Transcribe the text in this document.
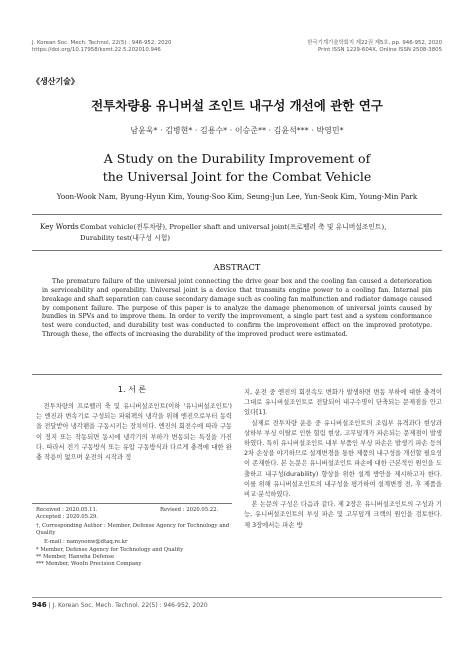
J. Korean Soc. Mech. Technol, 22(5) : 946-952, 2020
https://doi.org/10.17958/ksmt.22.5.202010.946
한국기계기술학회지 제22권 제5호, pp. 946-952, 2020
Print ISSN 1229-604X, Online ISSN 2508-3805
《생산기술》
전투차량용 유니버설 조인트 내구성 개선에 관한 연구
남윤욱* · 김병현* · 김용수* · 이승준** · 김윤석*** · 박영민*
A Study on the Durability Improvement of
the Universal Joint for the Combat Vehicle
Yoon-Wook Nam, Byung-Hyun Kim, Young-Soo Kim, Seung-Jun Lee, Yun-Seok Kim, Young-Min Park
Key Words :
Combat vehicle(전투차량), Propeller shaft and universal joint(프로펠러 축 및 유니버설조인트),
Durability test(내구성 시험)
ABSTRACT
The premature failure of the universal joint connecting the drive gear box and the cooling fan caused a deterioration in serviceability and operability. Universal joint is a device that transmits engine power to a cooling fan. Internal pin breakage and shaft separation can cause secondary damage such as cooling fan malfunction and radiator damage caused by component failure. The purpose of this paper is to analyze the damage phenomenon of universal joints caused by bundles in SPVs and to improve them. In order to verify the improvement, a single part test and a system conformance test were conducted, and durability test was conducted to confirm the improvement effect on the improved prototype. Through these, the effects of increasing the durability of the improved product were estimated.
1. 서 론

전투차량의 프로펠러 축 및 유니버설조인트(이하 '유니버설조인트')는 엔진과 변속기로 구성되는 파워팩의 냉각을 위해 엔진으로부터 동력을 전달받아 냉각팬을 구동시키는 장치이다. 엔진의 회전수에 따라 구동이 정지 또는 작동되면 동시에 냉각기의 부하가 변동되는 특징을 가진다. 따라서 전기 구동방식 또는 유압 구동방식과 다르게 충격에 대한 완충 작용이 없으며 운전의 시작과 정

지, 운전 중 엔진의 회전속도 변화가 발생하면 변동 부하에 대한 충격이 그대로 유니버설조인트로 전달되어 내구수명이 단축되는 문제점을 안고 있다[1].

실제로 전투차량 운용 중 유니버설조인트의 조립부 유격과다 현상과 상하부 부싱 이탈로 인한 헐림 현상, 고무덮개가 파손되는 문제점이 발생하였다. 특히 유니버설조인트 내부 부품인 부싱 파손은 발생기 파손 등의 2차 손상을 야기하므로 설계변경을 통한 제품의 내구성을 개선할 필요성이 존재한다. 본 논문은 유니버설조인트 파손에 대한 근본적인 원인을 도출하고 내구성(durability) 향상을 위한 설계 방안을 제시하고자 한다. 이를 위해 유니버설조인트의 내구성을 평가하여 설계변경 전, 후 제품을 비교·분석하였다.

본 논문의 구성은 다음과 같다. 제 2장은 유니버설조인트의 구성과 기능, 유니버설조인트의 부싱 파손 및 고무덮개 크랙의 원인을 검토한다. 제 3장에서는 파손 방

Received : 2020.05.11.	Revised : 2020.05.22.
Accepted : 2020.05.29.
†, Corresponding Author : Member, Defense Agency for Technology and Quality
E-mail : namyoonw@dtaq.re.kr
* Member, Defense Agency for Technology and Quality
** Member, Hanwha Defense
*** Member, WooIn Precision Company
946 | J. Korean Soc. Mech. Technol. 22(5) : 946-952, 2020
